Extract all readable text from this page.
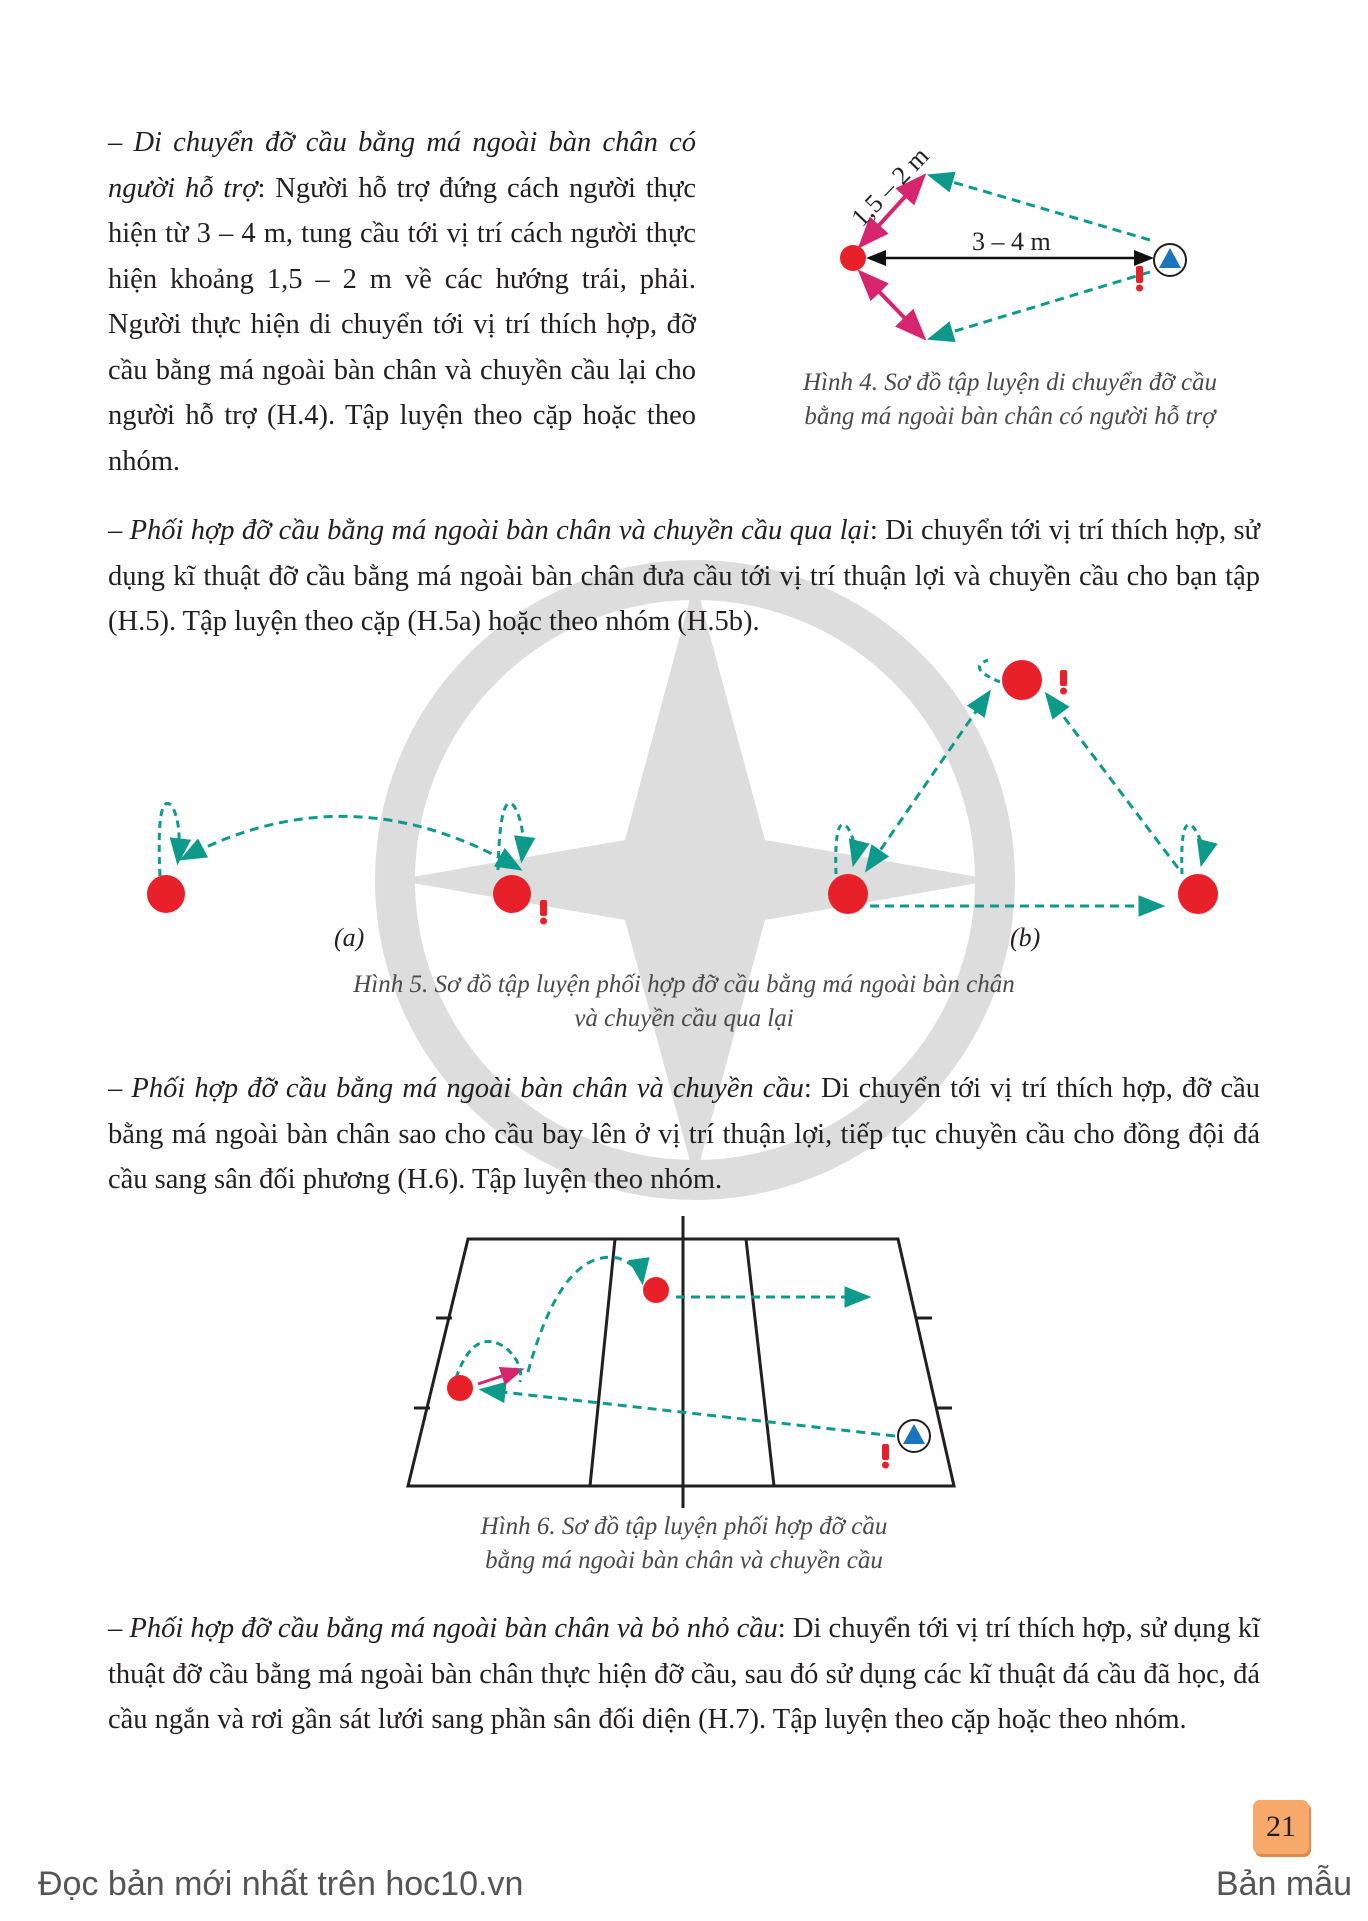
– Di chuyển đỡ cầu bằng má ngoài bàn chân có người hỗ trợ: Người hỗ trợ đứng cách người thực hiện từ 3 – 4 m, tung cầu tới vị trí cách người thực hiện khoảng 1,5 – 2 m về các hướng trái, phải. Người thực hiện di chuyển tới vị trí thích hợp, đỡ cầu bằng má ngoài bàn chân và chuyền cầu lại cho người hỗ trợ (H.4). Tập luyện theo cặp hoặc theo nhóm.

1,5 – 2 m
3 – 4 m

Hình 4. Sơ đồ tập luyện di chuyển đỡ cầu
bằng má ngoài bàn chân có người hỗ trợ

– Phối hợp đỡ cầu bằng má ngoài bàn chân và chuyền cầu qua lại: Di chuyển tới vị trí thích hợp, sử dụng kĩ thuật đỡ cầu bằng má ngoài bàn chân đưa cầu tới vị trí thuận lợi và chuyền cầu cho bạn tập (H.5). Tập luyện theo cặp (H.5a) hoặc theo nhóm (H.5b).

(a)	(b)

Hình 5. Sơ đồ tập luyện phối hợp đỡ cầu bằng má ngoài bàn chân
và chuyền cầu qua lại

– Phối hợp đỡ cầu bằng má ngoài bàn chân và chuyền cầu: Di chuyển tới vị trí thích hợp, đỡ cầu bằng má ngoài bàn chân sao cho cầu bay lên ở vị trí thuận lợi, tiếp tục chuyền cầu cho đồng đội đá cầu sang sân đối phương (H.6). Tập luyện theo nhóm.

Hình 6. Sơ đồ tập luyện phối hợp đỡ cầu
bằng má ngoài bàn chân và chuyền cầu

– Phối hợp đỡ cầu bằng má ngoài bàn chân và bỏ nhỏ cầu: Di chuyển tới vị trí thích hợp, sử dụng kĩ thuật đỡ cầu bằng má ngoài bàn chân thực hiện đỡ cầu, sau đó sử dụng các kĩ thuật đá cầu đã học, đá cầu ngắn và rơi gần sát lưới sang phần sân đối diện (H.7). Tập luyện theo cặp hoặc theo nhóm.

21
Đọc bản mới nhất trên hoc10.vn	Bản mẫu
